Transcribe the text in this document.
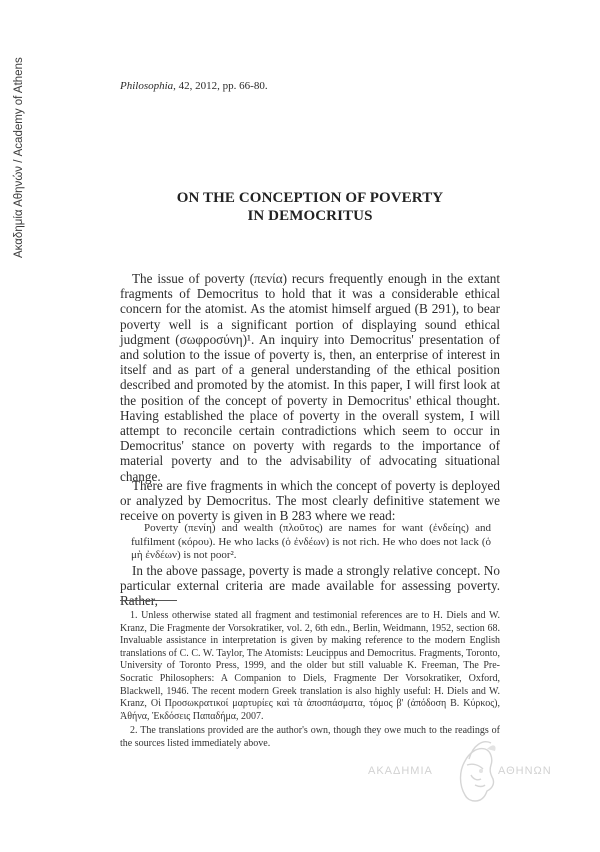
Ακαδημία Αθηνών / Academy of Athens	Philosophia, 42, 2012, pp. 66-80.
ON THE CONCEPTION OF POVERTY
IN DEMOCRITUS

The issue of poverty (πενία) recurs frequently enough in the extant fragments of Democritus to hold that it was a considerable ethical concern for the atomist. As the atomist himself argued (B 291), to bear poverty well is a significant portion of displaying sound ethical judgment (σωφροσύνη)¹. An inquiry into Democritus' presentation of and solution to the issue of poverty is, then, an enterprise of interest in itself and as part of a general understanding of the ethical position described and promoted by the atomist. In this paper, I will first look at the position of the concept of poverty in Democritus' ethical thought. Having established the place of poverty in the overall system, I will attempt to reconcile certain contradictions which seem to occur in Democritus' stance on poverty with regards to the importance of material poverty and to the advisability of advocating situational change.

There are five fragments in which the concept of poverty is deployed or analyzed by Democritus. The most clearly definitive statement we receive on poverty is given in B 283 where we read:

Poverty (πενίη) and wealth (πλοῦτος) are names for want (ἐνδείης) and fulfilment (κόρου). He who lacks (ὁ ἐνδέων) is not rich. He who does not lack (ὁ μὴ ἐνδέων) is not poor².

In the above passage, poverty is made a strongly relative concept. No particular external criteria are made available for assessing poverty. Rather,

1. Unless otherwise stated all fragment and testimonial references are to H. Diels and W. Kranz, Die Fragmente der Vorsokratiker, vol. 2, 6th edn., Berlin, Weidmann, 1952, section 68. Invaluable assistance in interpretation is given by making reference to the modern English translations of C. C. W. Taylor, The Atomists: Leucippus and Democritus. Fragments, Toronto, University of Toronto Press, 1999, and the older but still valuable K. Freeman, The Pre-Socratic Philosophers: A Companion to Diels, Fragmente Der Vorsokratiker, Oxford, Blackwell, 1946. The recent modern Greek translation is also highly useful: H. Diels and W. Kranz, Οἱ Προσωκρατικοί μαρτυρίες καὶ τὰ ἀποσπάσματα, τόμος β' (ἀπόδοση Β. Κύρκος), Ἀθήνα, Ἐκδόσεις Παπαδήμα, 2007.

2. The translations provided are the author's own, though they owe much to the readings of the sources listed immediately above.

ΑΚΑΔΗΜΙΑ	ΑΘΗΝΩΝ
